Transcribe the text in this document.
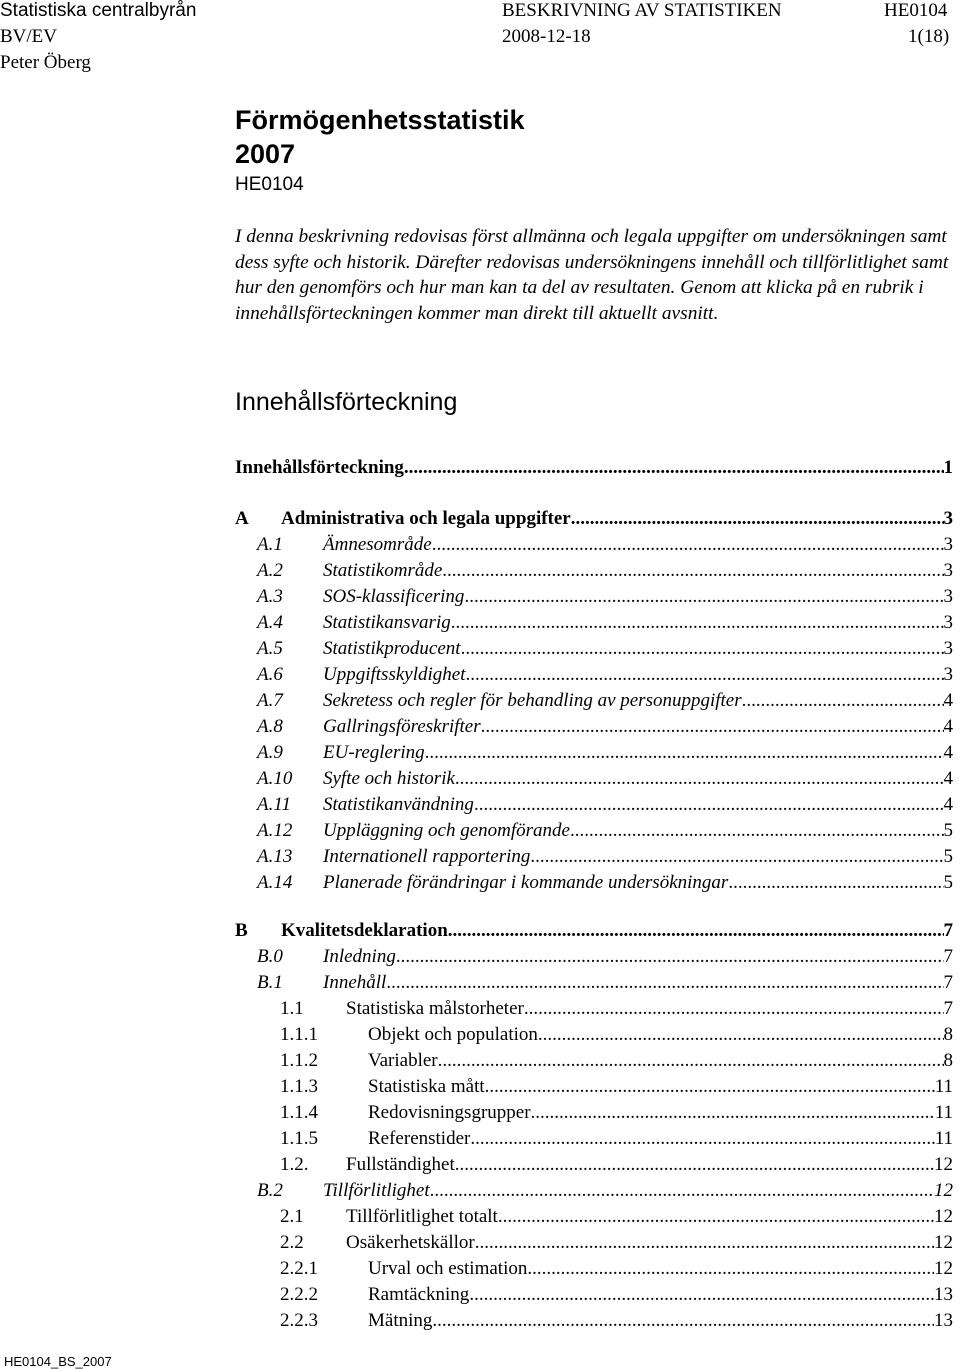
Statistiska centralbyrån	BESKRIVNING AV STATISTIKEN	HE0104
BV/EV	2008-12-18	1(18)
Peter Öberg
Förmögenhetsstatistik
2007
HE0104

I denna beskrivning redovisas först allmänna och legala uppgifter om undersökningen samt dess syfte och historik. Därefter redovisas undersökningens innehåll och tillförlitlighet samt hur den genomförs och hur man kan ta del av resultaten. Genom att klicka på en rubrik i innehållsförteckningen kommer man direkt till aktuellt avsnitt.

Innehållsförteckning
Innehållsförteckning .....	1
A	Administrativa och legala uppgifter .....	3
A.1	Ämnesområde .....	3
A.2	Statistikområde .....	3
A.3	SOS-klassificering .....	3
A.4	Statistikansvarig .....	3
A.5	Statistikproducent .....	3
A.6	Uppgiftsskyldighet .....	3
A.7	Sekretess och regler för behandling av personuppgifter .....	4
A.8	Gallringsföreskrifter .....	4
A.9	EU-reglering .....	4
A.10	Syfte och historik .....	4
A.11	Statistikanvändning .....	4
A.12	Uppläggning och genomförande .....	5
A.13	Internationell rapportering .....	5
A.14	Planerade förändringar i kommande undersökningar .....	5
B	Kvalitetsdeklaration .....	7
B.0	Inledning .....	7
B.1	Innehåll .....	7
1.1	Statistiska målstorheter .....	7
1.1.1	Objekt och population .....	8
1.1.2	Variabler .....	8
1.1.3	Statistiska mått .....	11
1.1.4	Redovisningsgrupper .....	11
1.1.5	Referenstider .....	11
1.2.	Fullständighet .....	12
B.2	Tillförlitlighet .....	12
2.1	Tillförlitlighet totalt .....	12
2.2	Osäkerhetskällor .....	12
2.2.1	Urval och estimation .....	12
2.2.2	Ramtäckning .....	13
2.2.3	Mätning .....	13
HE0104_BS_2007
